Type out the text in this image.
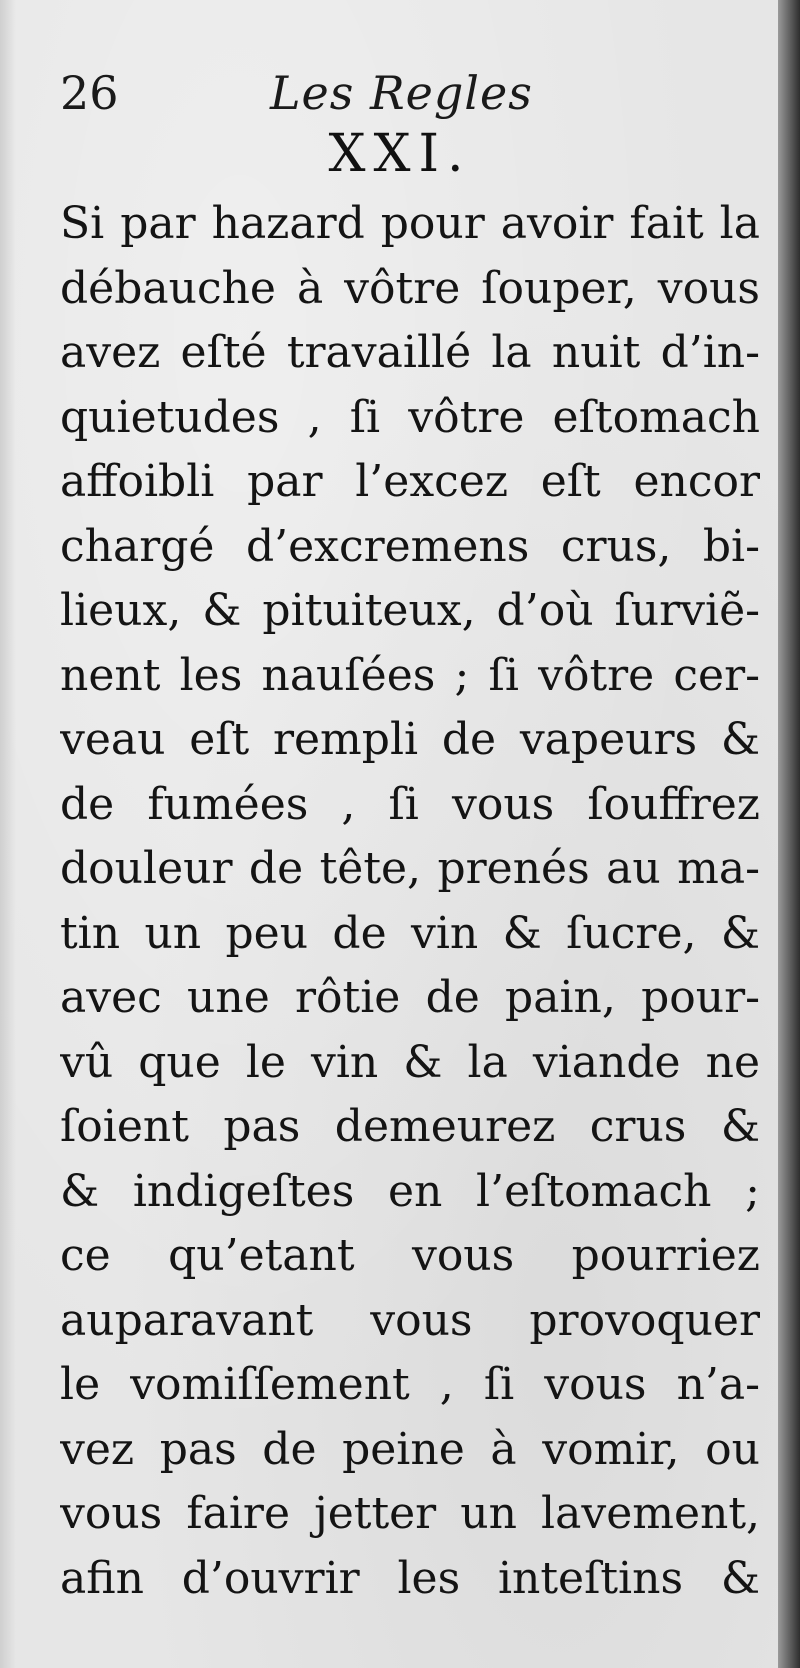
26	Les Regles
XXI.
Si par hazard pour avoir fait la
débauche à vôtre ſouper, vous
avez eſté travaillé la nuit d’in-
quietudes , ſi vôtre eſtomach
affoibli par l’excez eſt encor
chargé d’excremens crus, bi-
lieux, & pituiteux, d’où ſurviẽ-
nent les nauſées ; ſi vôtre cer-
veau eſt rempli de vapeurs &
de fumées , ſi vous ſouffrez
douleur de tête, prenés au ma-
tin un peu de vin & ſucre, &
avec une rôtie de pain, pour-
vû que le vin & la viande ne
ſoient pas demeurez crus &
& indigeſtes en l’eſtomach ;
ce qu’etant vous pourriez
auparavant vous provoquer
le vomiſſement , ſi vous n’a-
vez pas de peine à vomir, ou
vous faire jetter un lavement,
afin d’ouvrir les inteſtins &
